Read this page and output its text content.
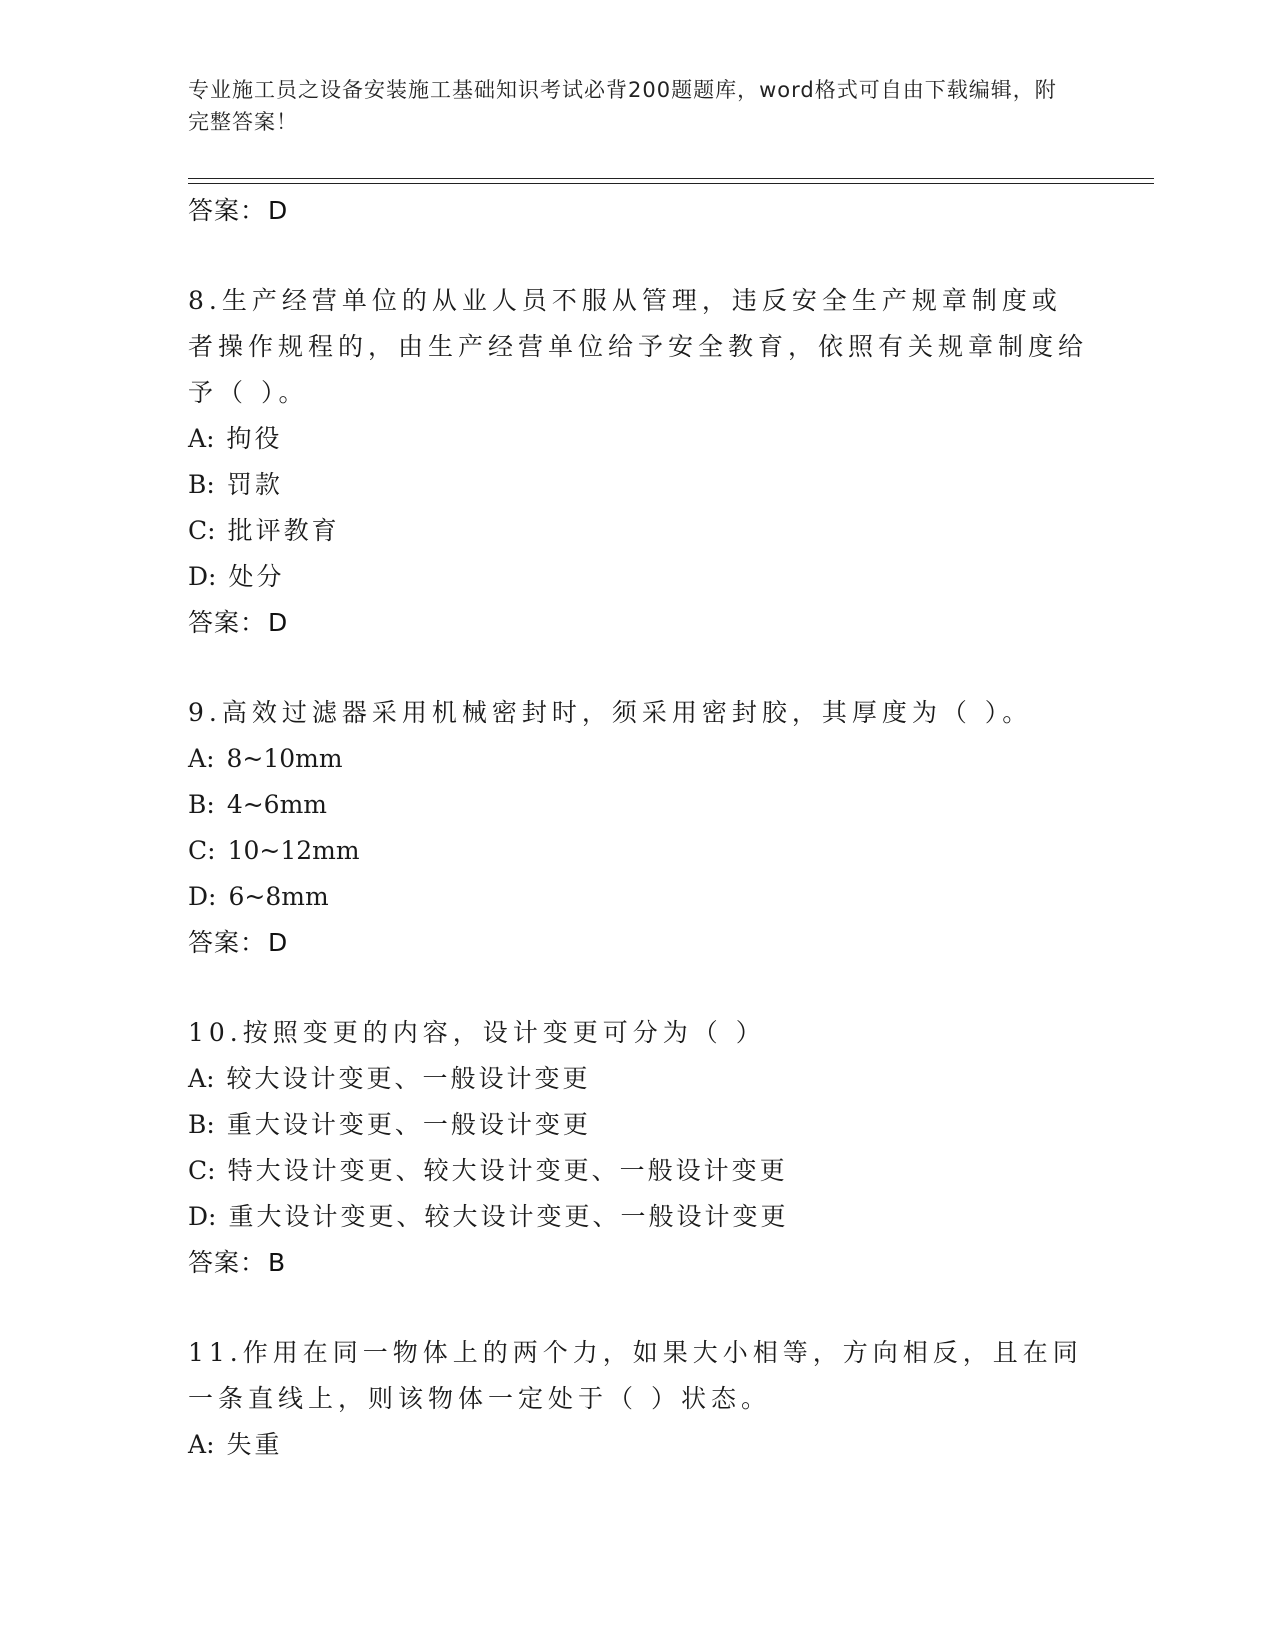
专业施工员之设备安装施工基础知识考试必背200题题库，word格式可自由下载编辑，附完整答案！
答案：D
8.生产经营单位的从业人员不服从管理，违反安全生产规章制度或者操作规程的，由生产经营单位给予安全教育，依照有关规章制度给予（ ）。
A: 拘役
B: 罚款
C: 批评教育
D: 处分
答案：D
9.高效过滤器采用机械密封时，须采用密封胶，其厚度为（ ）。
A: 8~10mm
B: 4~6mm
C: 10~12mm
D: 6~8mm
答案：D
10.按照变更的内容，设计变更可分为（ ）
A: 较大设计变更、一般设计变更
B: 重大设计变更、一般设计变更
C: 特大设计变更、较大设计变更、一般设计变更
D: 重大设计变更、较大设计变更、一般设计变更
答案：B
11.作用在同一物体上的两个力，如果大小相等，方向相反，且在同一条直线上，则该物体一定处于（ ）状态。
A: 失重
